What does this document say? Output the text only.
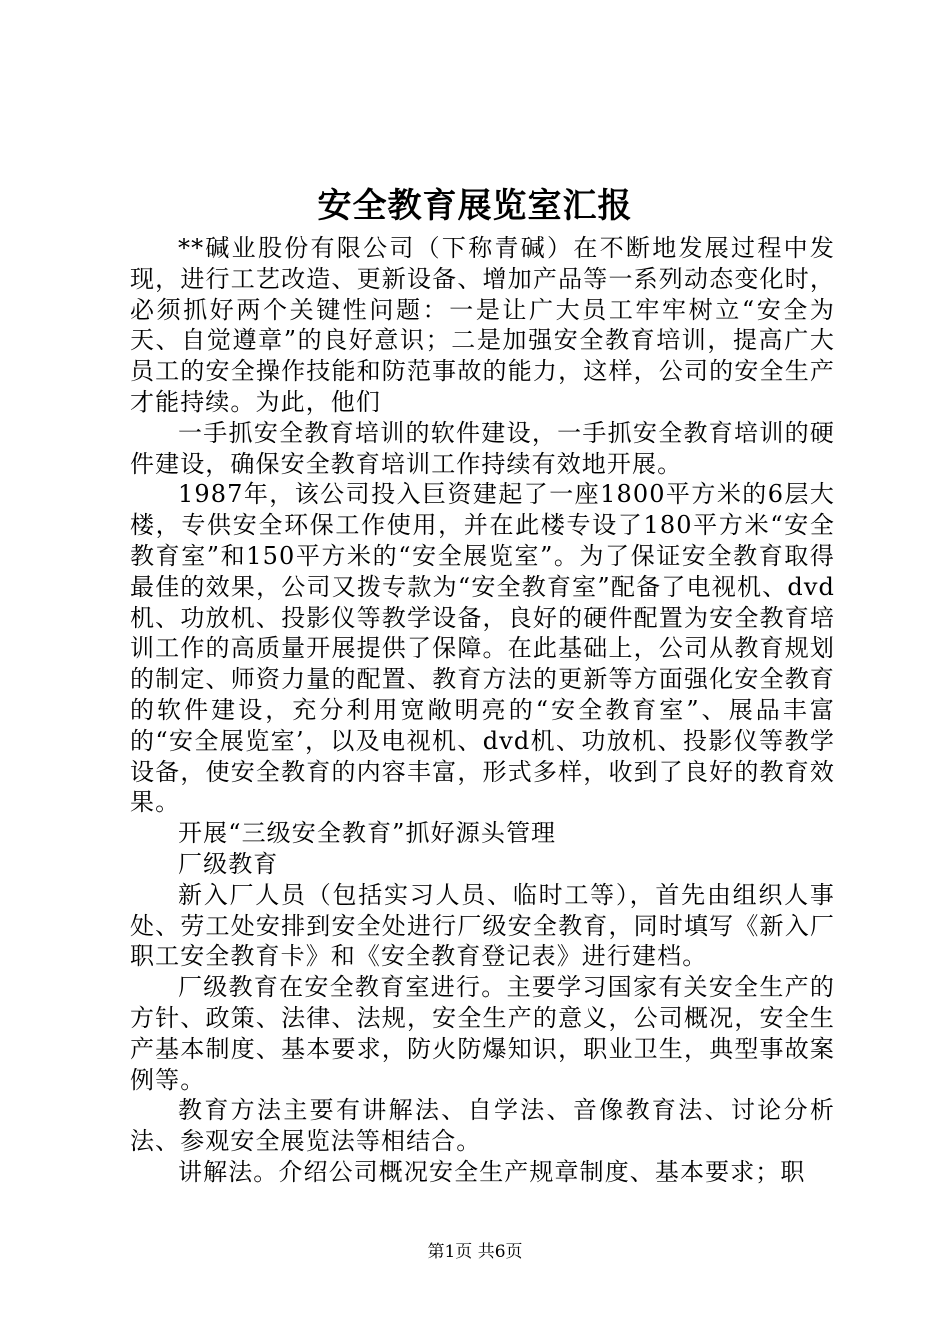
安全教育展览室汇报

**碱业股份有限公司（下称青碱）在不断地发展过程中发现，进行工艺改造、更新设备、增加产品等一系列动态变化时，必须抓好两个关键性问题：一是让广大员工牢牢树立“安全为天、自觉遵章”的良好意识；二是加强安全教育培训，提高广大员工的安全操作技能和防范事故的能力，这样，公司的安全生产才能持续。为此，他们

一手抓安全教育培训的软件建设，一手抓安全教育培训的硬件建设，确保安全教育培训工作持续有效地开展。

1987年，该公司投入巨资建起了一座1800平方米的6层大楼，专供安全环保工作使用，并在此楼专设了180平方米“安全教育室”和150平方米的“安全展览室”。为了保证安全教育取得最佳的效果，公司又拨专款为“安全教育室”配备了电视机、dvd机、功放机、投影仪等教学设备，良好的硬件配置为安全教育培训工作的高质量开展提供了保障。在此基础上，公司从教育规划的制定、师资力量的配置、教育方法的更新等方面强化安全教育的软件建设，充分利用宽敞明亮的“安全教育室”、展品丰富的“安全展览室’，以及电视机、dvd机、功放机、投影仪等教学设备，使安全教育的内容丰富，形式多样，收到了良好的教育效果。

开展“三级安全教育”抓好源头管理

厂级教育

新入厂人员（包括实习人员、临时工等），首先由组织人事处、劳工处安排到安全处进行厂级安全教育，同时填写《新入厂职工安全教育卡》和《安全教育登记表》进行建档。

厂级教育在安全教育室进行。主要学习国家有关安全生产的方针、政策、法律、法规，安全生产的意义，公司概况，安全生产基本制度、基本要求，防火防爆知识，职业卫生，典型事故案例等。

教育方法主要有讲解法、自学法、音像教育法、讨论分析法、参观安全展览法等相结合。

讲解法。介绍公司概况安全生产规章制度、基本要求；职

第1页 共6页
